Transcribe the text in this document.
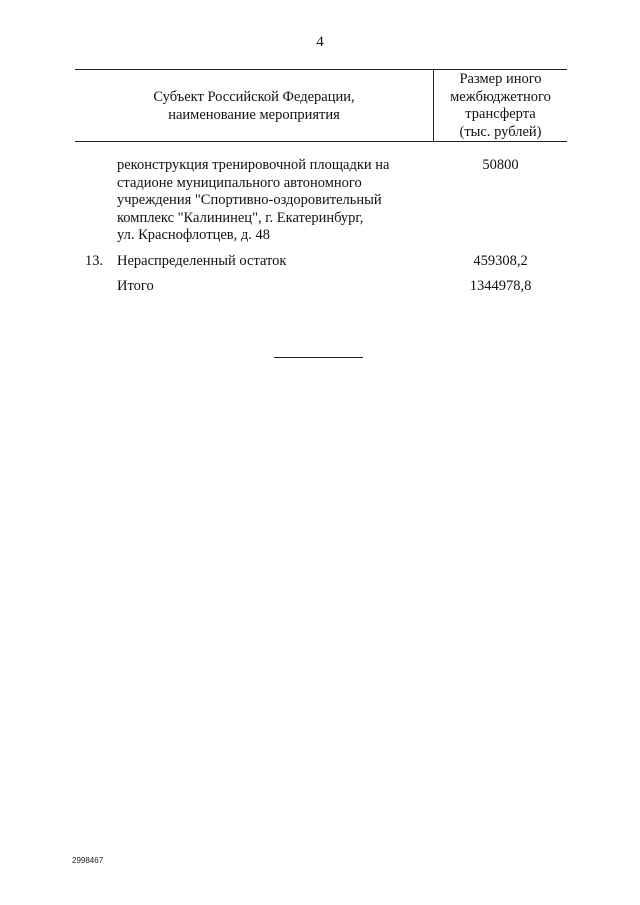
4
Субъект Российской Федерации,
наименование мероприятия
Размер иного
межбюджетного
трансферта
(тыс. рублей)
реконструкция тренировочной площадки на
стадионе муниципального автономного
учреждения "Спортивно-оздоровительный
комплекс "Калининец", г. Екатеринбург,
ул. Краснофлотцев, д. 48
50800
13. Нераспределенный остаток	459308,2
Итого	1344978,8
2998467
